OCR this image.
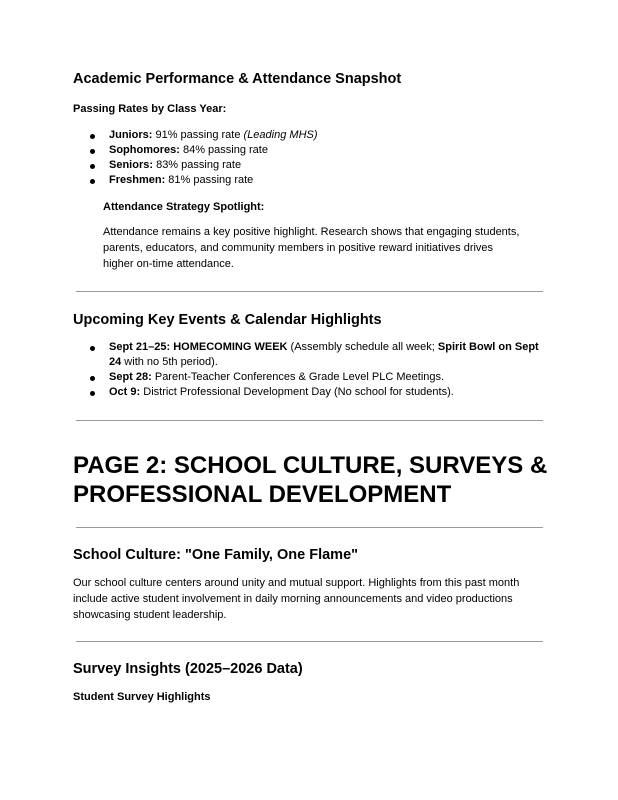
Academic Performance & Attendance Snapshot
Passing Rates by Class Year:
Juniors: 91% passing rate (Leading MHS)
Sophomores: 84% passing rate
Seniors: 83% passing rate
Freshmen: 81% passing rate
Attendance Strategy Spotlight:

Attendance remains a key positive highlight. Research shows that engaging students, parents, educators, and community members in positive reward initiatives drives higher on-time attendance.

Upcoming Key Events & Calendar Highlights
Sept 21–25: HOMECOMING WEEK (Assembly schedule all week; Spirit Bowl on Sept 24 with no 5th period).
Sept 28: Parent-Teacher Conferences & Grade Level PLC Meetings.
Oct 9: District Professional Development Day (No school for students).
PAGE 2: SCHOOL CULTURE, SURVEYS & PROFESSIONAL DEVELOPMENT
School Culture: "One Family, One Flame"

Our school culture centers around unity and mutual support. Highlights from this past month include active student involvement in daily morning announcements and video productions showcasing student leadership.

Survey Insights (2025–2026 Data)
Student Survey Highlights
